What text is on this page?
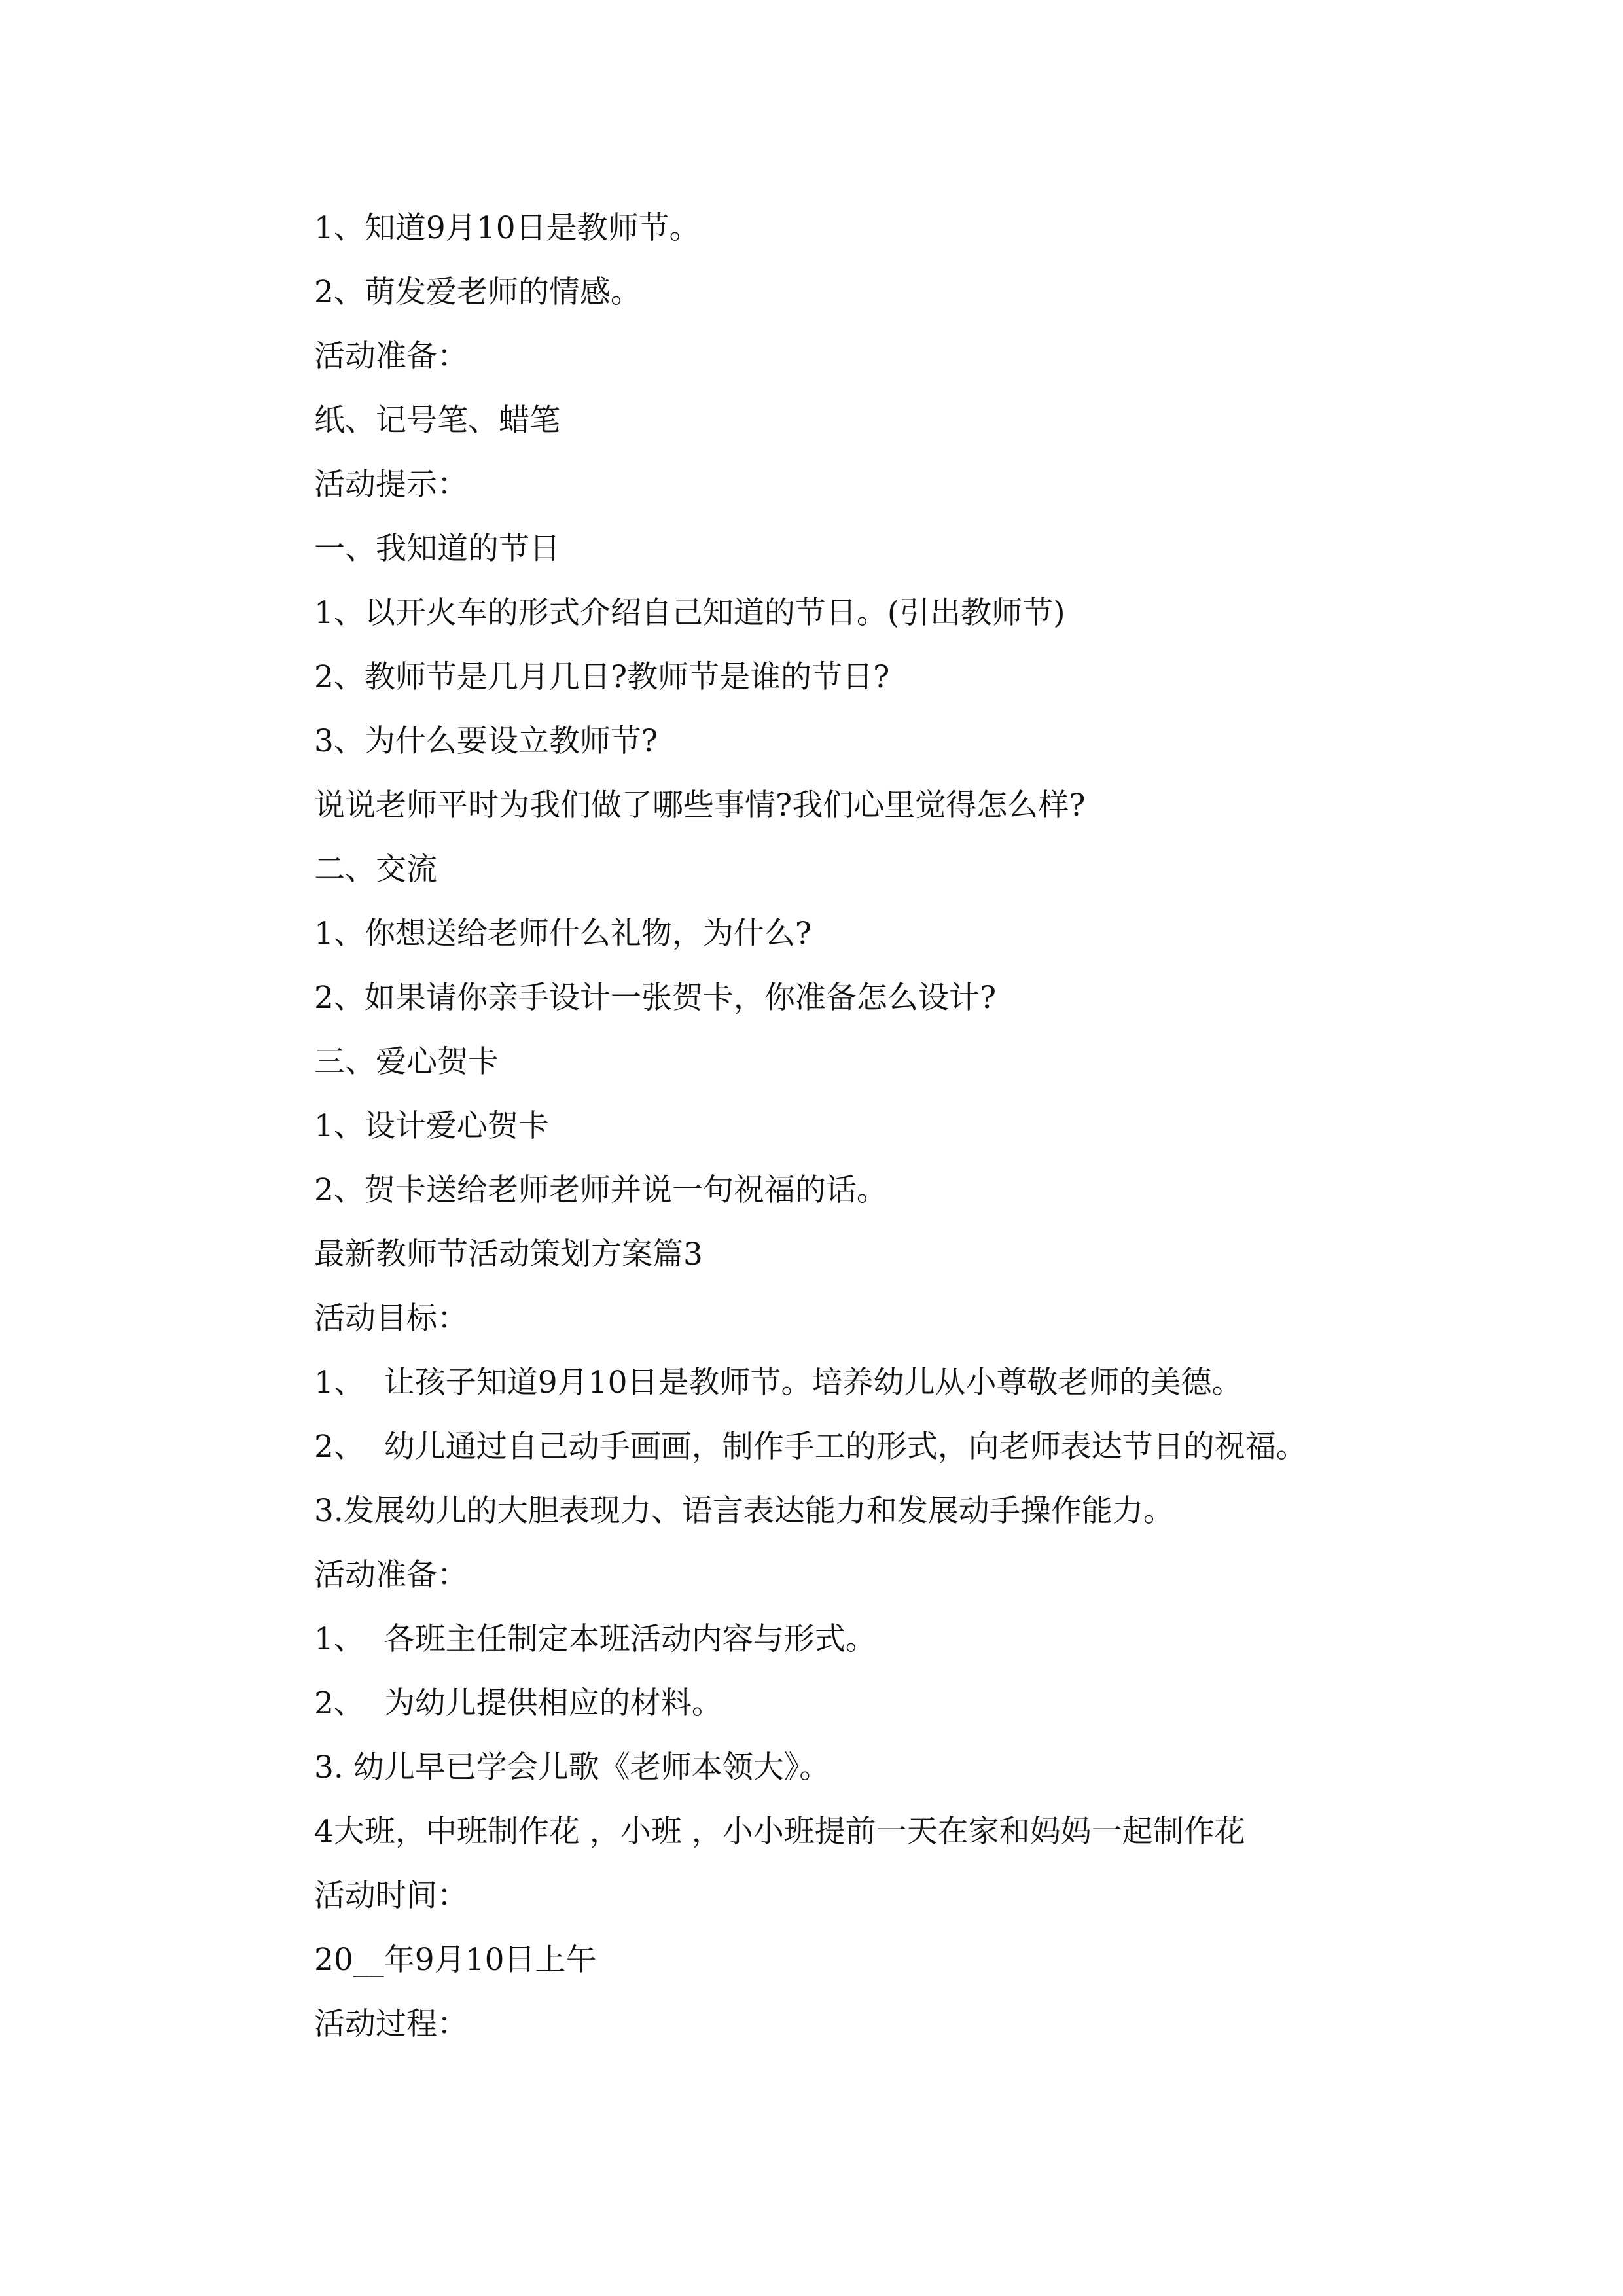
1、知道9月10日是教师节。

2、萌发爱老师的情感。

活动准备：

纸、记号笔、蜡笔

活动提示：

一、我知道的节日

1、以开火车的形式介绍自己知道的节日。(引出教师节)

2、教师节是几月几日?教师节是谁的节日?

3、为什么要设立教师节?

说说老师平时为我们做了哪些事情?我们心里觉得怎么样?

二、交流

1、你想送给老师什么礼物，为什么?

2、如果请你亲手设计一张贺卡，你准备怎么设计?

三、爱心贺卡

1、设计爱心贺卡

2、贺卡送给老师老师并说一句祝福的话。

最新教师节活动策划方案篇3

活动目标：

1、  让孩子知道9月10日是教师节。培养幼儿从小尊敬老师的美德。

2、  幼儿通过自己动手画画，制作手工的形式，向老师表达节日的祝福。

3.发展幼儿的大胆表现力、语言表达能力和发展动手操作能力。

活动准备：

1、  各班主任制定本班活动内容与形式。

2、  为幼儿提供相应的材料。

3. 幼儿早已学会儿歌《老师本领大》。

4大班，中班制作花 ，小班 ，小小班提前一天在家和妈妈一起制作花

活动时间：

20__年9月10日上午

活动过程：
